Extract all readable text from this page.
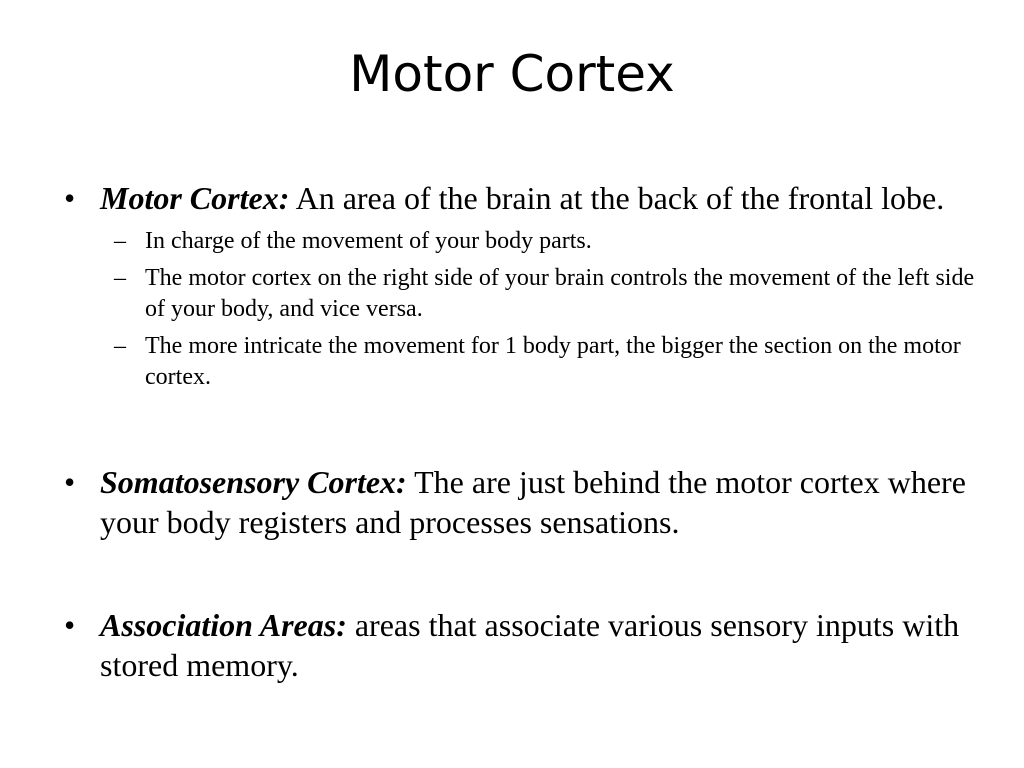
Motor Cortex
• Motor Cortex: An area of the brain at the back of the frontal lobe.
– In charge of the movement of your body parts.
– The motor cortex on the right side of your brain controls the movement of the left side of your body, and vice versa.
– The more intricate the movement for 1 body part, the bigger the section on the motor cortex.
• Somatosensory Cortex: The are just behind the motor cortex where your body registers and processes sensations.
• Association Areas: areas that associate various sensory inputs with stored memory.
